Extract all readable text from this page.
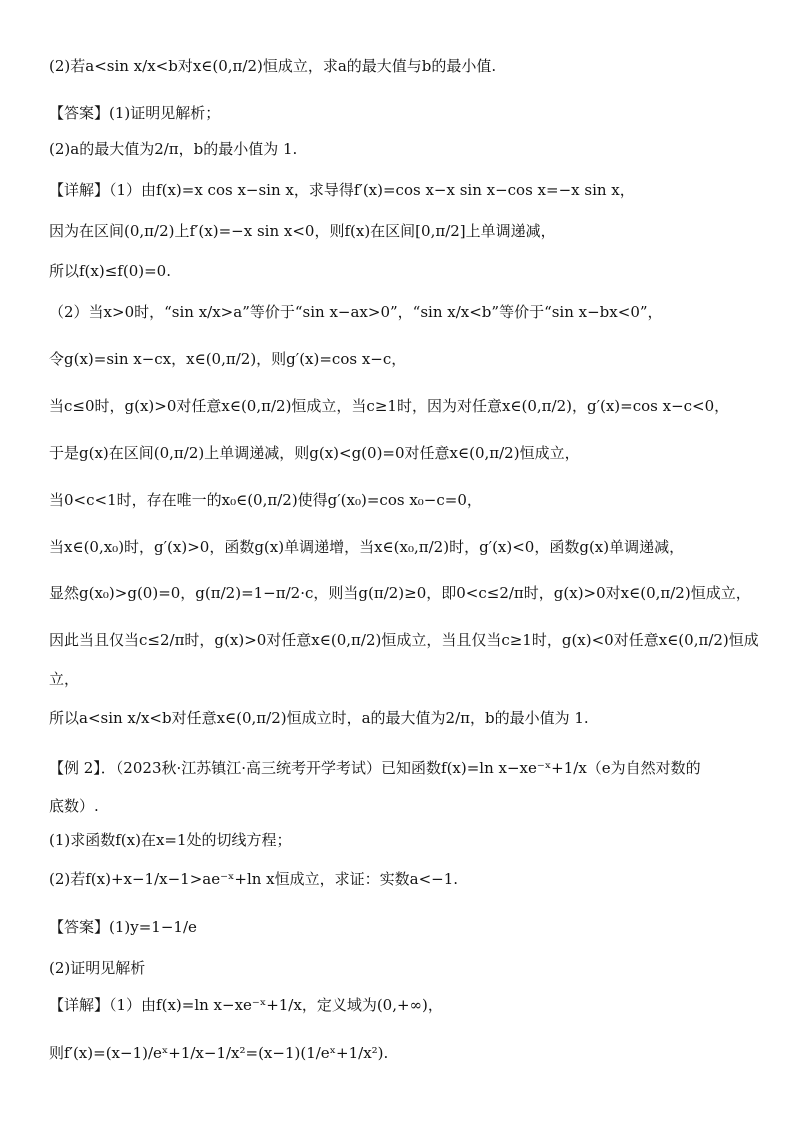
(2)若a<sin x/x<b对x∈(0,π/2)恒成立，求a的最大值与b的最小值.
【答案】(1)证明见解析；
(2)a的最大值为2/π，b的最小值为 1.
【详解】（1）由f(x)=x cos x−sin x，求导得f′(x)=cos x−x sin x−cos x=−x sin x，
因为在区间(0,π/2)上f′(x)=−x sin x<0，则f(x)在区间[0,π/2]上单调递减，
所以f(x)≤f(0)=0.
（2）当x>0时，“sin x/x>a”等价于“sin x−ax>0”，“sin x/x<b”等价于“sin x−bx<0”，
令g(x)=sin x−cx，x∈(0,π/2)，则g′(x)=cos x−c，
当c≤0时，g(x)>0对任意x∈(0,π/2)恒成立，当c≥1时，因为对任意x∈(0,π/2)，g′(x)=cos x−c<0，
于是g(x)在区间(0,π/2)上单调递减，则g(x)<g(0)=0对任意x∈(0,π/2)恒成立，
当0<c<1时，存在唯一的x₀∈(0,π/2)使得g′(x₀)=cos x₀−c=0，
当x∈(0,x₀)时，g′(x)>0，函数g(x)单调递增，当x∈(x₀,π/2)时，g′(x)<0，函数g(x)单调递减，
显然g(x₀)>g(0)=0，g(π/2)=1−π/2·c，则当g(π/2)≥0，即0<c≤2/π时，g(x)>0对x∈(0,π/2)恒成立，
因此当且仅当c≤2/π时，g(x)>0对任意x∈(0,π/2)恒成立，当且仅当c≥1时，g(x)<0对任意x∈(0,π/2)恒成
立，
所以a<sin x/x<b对任意x∈(0,π/2)恒成立时，a的最大值为2/π，b的最小值为 1.
【例 2】．（2023秋·江苏镇江·高三统考开学考试）已知函数f(x)=ln x−xe⁻ˣ+1/x（e为自然对数的
底数）.
(1)求函数f(x)在x=1处的切线方程；
(2)若f(x)+x−1/x−1>ae⁻ˣ+ln x恒成立，求证：实数a<−1.
【答案】(1)y=1−1/e
(2)证明见解析
【详解】（1）由f(x)=ln x−xe⁻ˣ+1/x，定义域为(0,+∞)，
则f′(x)=(x−1)/eˣ+1/x−1/x²=(x−1)(1/eˣ+1/x²).
